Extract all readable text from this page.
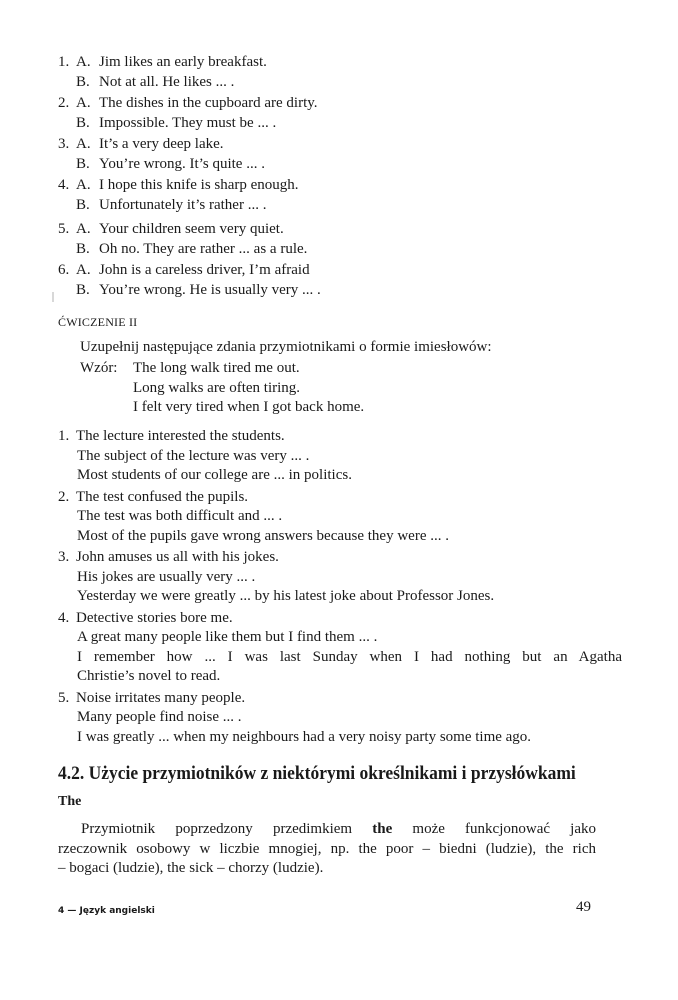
1. A. Jim likes an early breakfast.
B. Not at all. He likes ... .
2. A. The dishes in the cupboard are dirty.
B. Impossible. They must be ... .
3. A. It’s a very deep lake.
B. You’re wrong. It’s quite ... .
4. A. I hope this knife is sharp enough.
B. Unfortunately it’s rather ... .
5. A. Your children seem very quiet.
B. Oh no. They are rather ... as a rule.
6. A. John is a careless driver, I’m afraid
B. You’re wrong. He is usually very ... .
ĆWICZENIE II
Uzupełnij następujące zdania przymiotnikami o formie imiesłowów:
Wzór:	The long walk tired me out.
Long walks are often tiring.
I felt very tired when I got back home.
1. The lecture interested the students.
The subject of the lecture was very ... .
Most students of our college are ... in politics.
2. The test confused the pupils.
The test was both difficult and ... .
Most of the pupils gave wrong answers because they were ... .
3. John amuses us all with his jokes.
His jokes are usually very ... .
Yesterday we were greatly ... by his latest joke about Professor Jones.
4. Detective stories bore me.
A great many people like them but I find them ... .
I remember how ... I was last Sunday when I had nothing but an Agatha
Christie’s novel to read.
5. Noise irritates many people.
Many people find noise ... .
I was greatly ... when my neighbours had a very noisy party some time ago.
4.2. Użycie przymiotników z niektórymi określnikami i przysłówkami
The

Przymiotnik poprzedzony przedimkiem the może funkcjonować jako

rzeczownik osobowy w liczbie mnogiej, np. the poor – biedni (ludzie), the rich

– bogaci (ludzie), the sick – chorzy (ludzie).

4 — Język angielski	49
